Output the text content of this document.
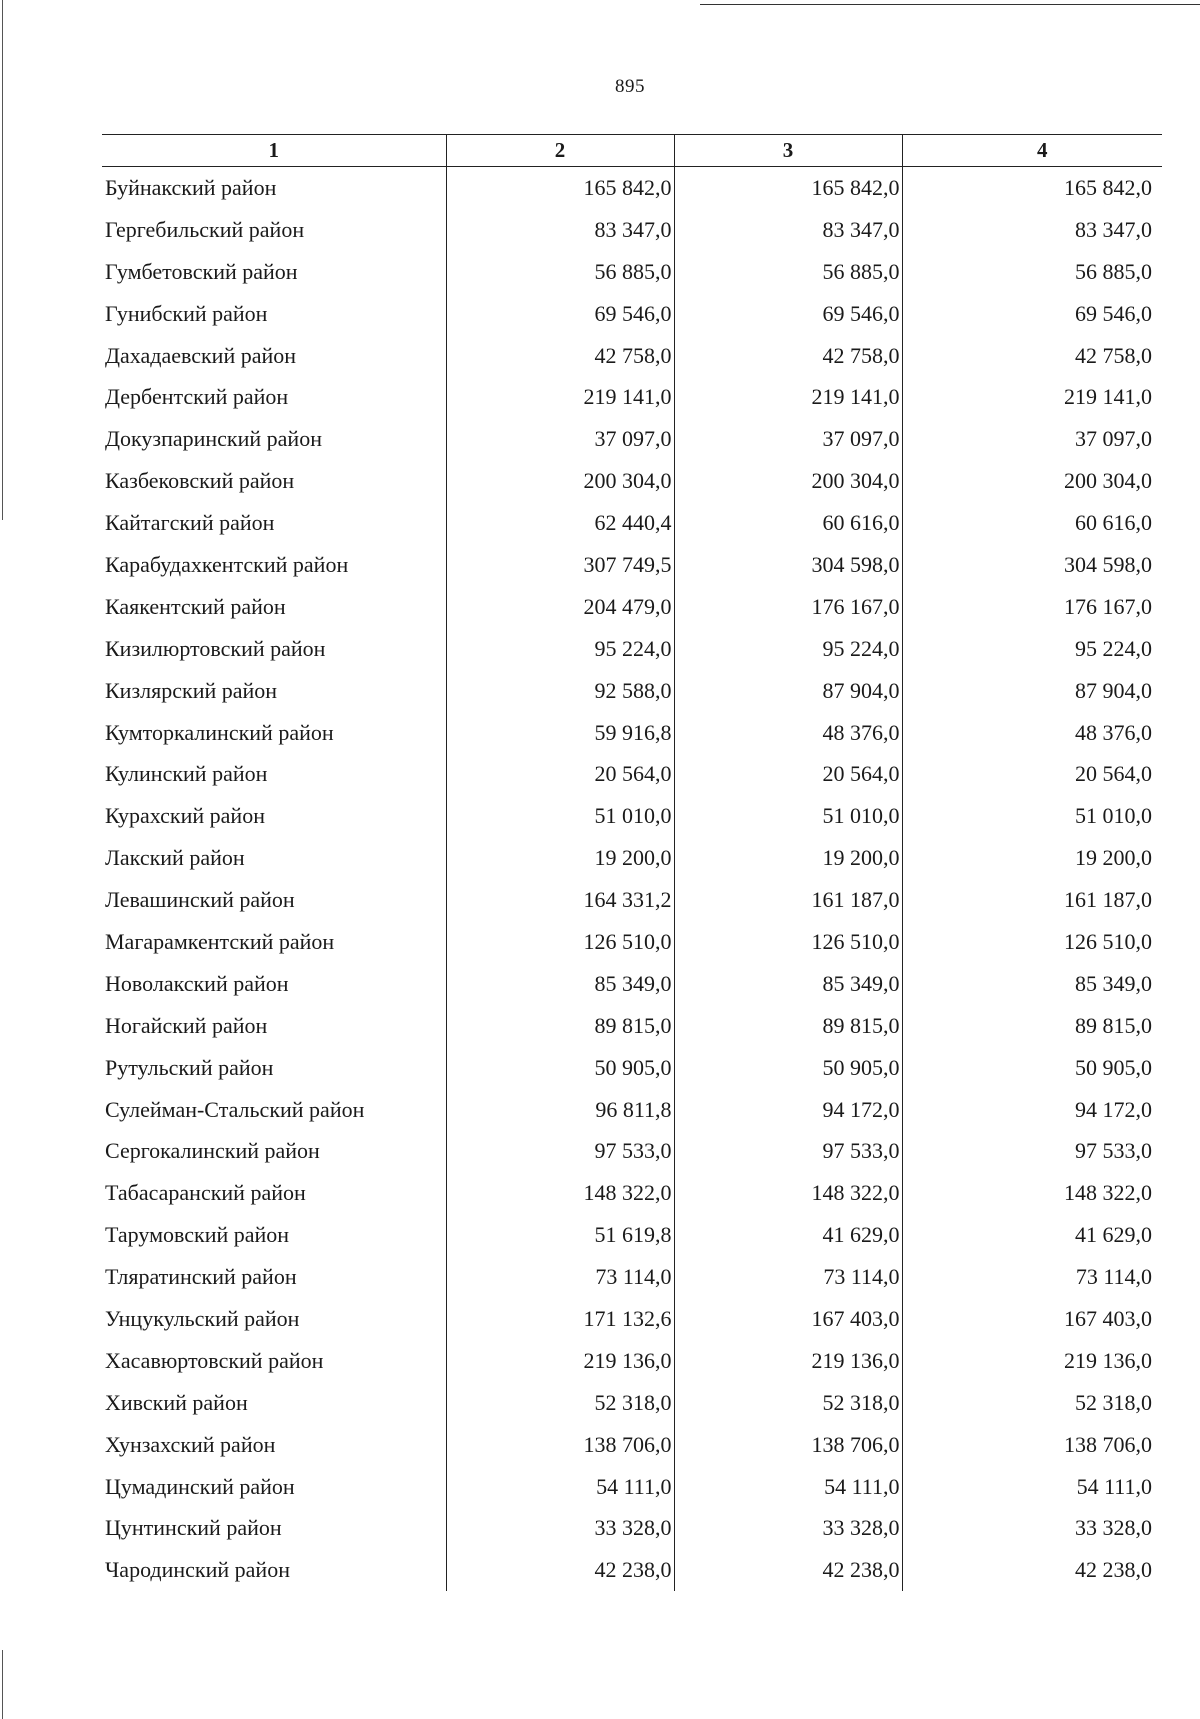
895
1	2	3	4
Буйнакский район	165 842,0	165 842,0	165 842,0
Гергебильский район	83 347,0	83 347,0	83 347,0
Гумбетовский район	56 885,0	56 885,0	56 885,0
Гунибский район	69 546,0	69 546,0	69 546,0
Дахадаевский район	42 758,0	42 758,0	42 758,0
Дербентский район	219 141,0	219 141,0	219 141,0
Докузпаринский район	37 097,0	37 097,0	37 097,0
Казбековский район	200 304,0	200 304,0	200 304,0
Кайтагский район	62 440,4	60 616,0	60 616,0
Карабудахкентский район	307 749,5	304 598,0	304 598,0
Каякентский район	204 479,0	176 167,0	176 167,0
Кизилюртовский район	95 224,0	95 224,0	95 224,0
Кизлярский район	92 588,0	87 904,0	87 904,0
Кумторкалинский район	59 916,8	48 376,0	48 376,0
Кулинский район	20 564,0	20 564,0	20 564,0
Курахский район	51 010,0	51 010,0	51 010,0
Лакский район	19 200,0	19 200,0	19 200,0
Левашинский район	164 331,2	161 187,0	161 187,0
Магарамкентский район	126 510,0	126 510,0	126 510,0
Новолакский район	85 349,0	85 349,0	85 349,0
Ногайский район	89 815,0	89 815,0	89 815,0
Рутульский район	50 905,0	50 905,0	50 905,0
Сулейман-Стальский район	96 811,8	94 172,0	94 172,0
Сергокалинский район	97 533,0	97 533,0	97 533,0
Табасаранский район	148 322,0	148 322,0	148 322,0
Тарумовский район	51 619,8	41 629,0	41 629,0
Тляратинский район	73 114,0	73 114,0	73 114,0
Унцукульский район	171 132,6	167 403,0	167 403,0
Хасавюртовский район	219 136,0	219 136,0	219 136,0
Хивский район	52 318,0	52 318,0	52 318,0
Хунзахский район	138 706,0	138 706,0	138 706,0
Цумадинский район	54 111,0	54 111,0	54 111,0
Цунтинский район	33 328,0	33 328,0	33 328,0
Чародинский район	42 238,0	42 238,0	42 238,0
